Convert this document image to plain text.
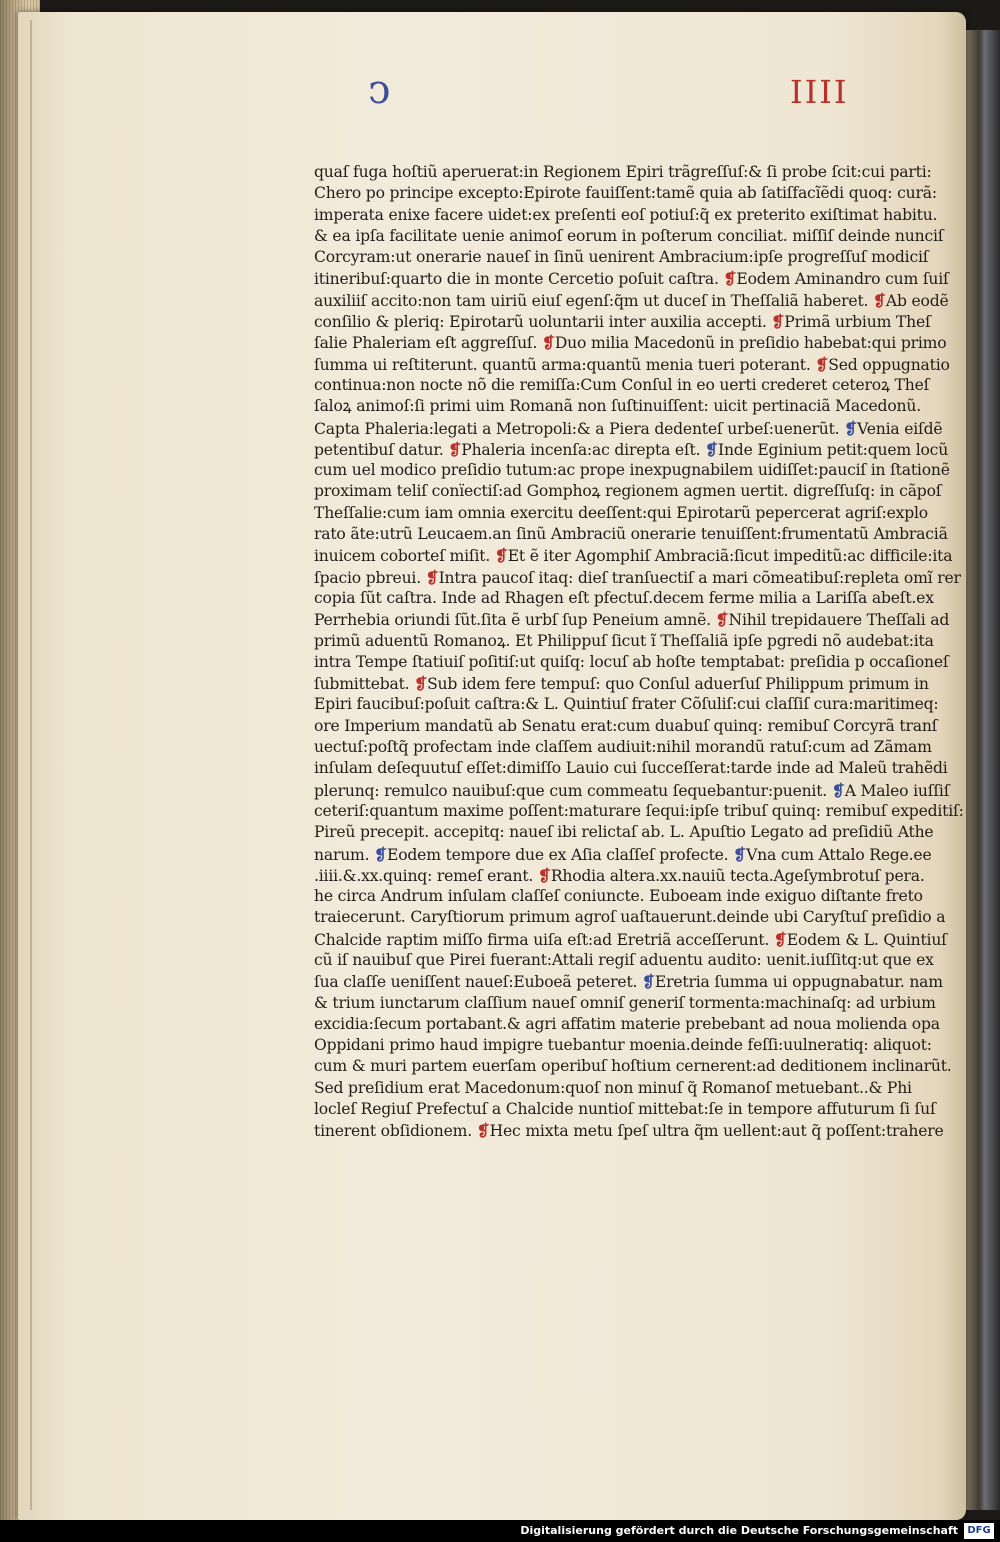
ↄ	IIII
quaſ fuga hoſtiũ aperuerat:in Regionem Epiri trãgreſſuſ:& ſi probe ſcit:cui parti:
Chero po principe excepto:Epirote fauiſſent:tamẽ quia ab ſatiſfacĩẽdi quoq: curã:
imperata enixe facere uidet:ex preſenti eoſ potiuſ:q̃ ex preterito exiſtimat habitu.
& ea ipſa facilitate uenie animoſ eorum in poſterum conciliat. miſſiſ deinde nunciſ
Corcyram:ut onerarie naueſ in ſinũ uenirent Ambracium:ipſe progreſſuſ modiciſ
itineribuſ:quarto die in monte Cercetio poſuit caſtra. ❡Eodem Aminandro cum ſuiſ
auxiliiſ accito:non tam uiriũ eiuſ egenſ:q̃m ut duceſ in Theſſaliã haberet. ❡Ab eodẽ
conſilio & pleriq: Epirotarũ uoluntarii inter auxilia accepti. ❡Primã urbium Theſ
ſalie Phaleriam eſt aggreſſuſ. ❡Duo milia Macedonũ in preſidio habebat:qui primo
ſumma ui reſtiterunt. quantũ arma:quantũ menia tueri poterant. ❡Sed oppugnatio
continua:non nocte nõ die remiſſa:Cum Conſul in eo uerti crederet ceteroꝝ Theſ
ſaloꝝ animoſ:ſi primi uim Romanã non ſuſtinuiſſent: uicit pertinaciã Macedonũ.
Capta Phaleria:legati a Metropoli:& a Piera dedenteſ urbeſ:uenerũt. ❡Venia eiſdẽ
petentibuſ datur. ❡Phaleria incenſa:ac direpta eſt. ❡Inde Eginium petit:quem locũ
cum uel modico preſidio tutum:ac prope inexpugnabilem uidiſſet:pauciſ in ſtationẽ
proximam teliſ conïectiſ:ad Gomphoꝝ regionem agmen uertit. digreſſuſq: in cãpoſ
Theſſalie:cum iam omnia exercitu deeſſent:qui Epirotarũ pepercerat agriſ:explo
rato ãte:utrũ Leucaem.an ſinũ Ambraciũ onerarie tenuiſſent:frumentatũ Ambraciã
inuicem coborteſ miſit. ❡Et ẽ iter Agomphiſ Ambraciã:ſicut impeditũ:ac difficile:ita
ſpacio pbreui. ❡Intra paucoſ itaq: dieſ tranſuectiſ a mari cõmeatibuſ:repleta omĩ rer
copia ſũt caſtra. Inde ad Rhagen eſt pfectuſ.decem ferme milia a Lariſſa abeſt.ex
Perrhebia oriundi ſũt.ſita ẽ urbſ ſup Peneium amnẽ. ❡Nihil trepidauere Theſſali ad
primũ aduentũ Romanoꝝ. Et Philippuſ ſicut ĩ Theſſaliã ipſe pgredi nõ audebat:ita
intra Tempe ſtatiuiſ poſitiſ:ut quiſq: locuſ ab hoſte temptabat: preſidia p occaſioneſ
ſubmittebat. ❡Sub idem fere tempuſ: quo Conſul aduerſuſ Philippum primum in
Epiri faucibuſ:poſuit caſtra:& L. Quintiuſ frater Cõſuliſ:cui claſſiſ cura:maritimeq:
ore Imperium mandatũ ab Senatu erat:cum duabuſ quinq: remibuſ Corcyrã tranſ
uectuſ:poſtq̃ profectam inde claſſem audiuit:nihil morandũ ratuſ:cum ad Zãmam
inſulam deſequutuſ eſſet:dimiſſo Lauio cui ſucceſſerat:tarde inde ad Maleũ trahẽdi
plerunq: remulco nauibuſ:que cum commeatu ſequebantur:puenit. ❡A Maleo iuſſiſ
ceteriſ:quantum maxime poſſent:maturare ſequi:ipſe tribuſ quinq: remibuſ expeditiſ:
Pireũ precepit. accepitq: naueſ ibi relictaſ ab. L. Apuſtio Legato ad preſidiũ Athe
narum. ❡Eodem tempore due ex Aſia claſſeſ profecte. ❡Vna cum Attalo Rege.ee
.iiii.&.xx.quinq: remeſ erant. ❡Rhodia altera.xx.nauiũ tecta.Ageſymbrotuſ pera.
he circa Andrum inſulam claſſeſ coniuncte. Euboeam inde exiguo diſtante freto
traiecerunt. Caryſtiorum primum agroſ uaſtauerunt.deinde ubi Caryſtuſ preſidio a
Chalcide raptim miſſo firma uiſa eſt:ad Eretriã acceſſerunt. ❡Eodem & L. Quintiuſ
cũ iſ nauibuſ que Pirei fuerant:Attali regiſ aduentu audito: uenit.iuſſitq:ut que ex
ſua claſſe ueniſſent naueſ:Euboeã peteret. ❡Eretria ſumma ui oppugnabatur. nam
& trium iunctarum claſſium naueſ omniſ generiſ tormenta:machinaſq: ad urbium
excidia:ſecum portabant.& agri affatim materie prebebant ad noua molienda opa
Oppidani primo haud impigre tuebantur moenia.deinde feſſi:uulneratiq: aliquot:
cum & muri partem euerſam operibuſ hoſtium cernerent:ad deditionem inclinarũt.
Sed preſidium erat Macedonum:quoſ non minuſ q̃ Romanoſ metuebant..& Phi
locleſ Regiuſ Prefectuſ a Chalcide nuntioſ mittebat:ſe in tempore affuturum ſi ſuſ
tinerent obſidionem. ❡Hec mixta metu ſpeſ ultra q̃m uellent:aut q̃ poſſent:trahere
Digitalisierung gefördert durch die Deutsche Forschungsgemeinschaft DFG
